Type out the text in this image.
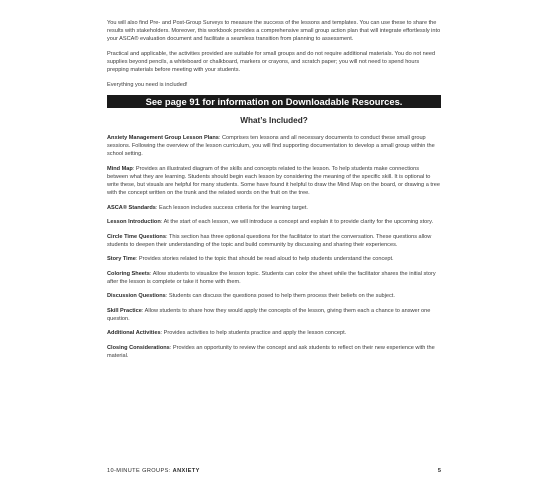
You will also find Pre- and Post-Group Surveys to measure the success of the lessons and templates. You can use these to share the results with stakeholders. Moreover, this workbook provides a comprehensive small group action plan that will integrate effortlessly into your ASCA® evaluation document and facilitate a seamless transition from planning to assessment.

Practical and applicable, the activities provided are suitable for small groups and do not require additional materials. You do not need supplies beyond pencils, a whiteboard or chalkboard, markers or crayons, and scratch paper; you will not need to spend hours prepping materials before meeting with your students.

Everything you need is included!

See page 91 for information on Downloadable Resources.
What’s Included?

Anxiety Management Group Lesson Plans: Comprises ten lessons and all necessary documents to conduct these small group sessions. Following the overview of the lesson curriculum, you will find supporting documentation to develop a small group within the school setting.

Mind Map: Provides an illustrated diagram of the skills and concepts related to the lesson. To help students make connections between what they are learning. Students should begin each lesson by considering the meaning of the specific skill. It is optional to write these, but visuals are helpful for many students. Some have found it helpful to draw the Mind Map on the board, or drawing a tree with the concept written on the trunk and the related words on the fruit on the tree.

ASCA® Standards: Each lesson includes success criteria for the learning target.

Lesson Introduction: At the start of each lesson, we will introduce a concept and explain it to provide clarity for the upcoming story.

Circle Time Questions: This section has three optional questions for the facilitator to start the conversation. These questions allow students to deepen their understanding of the topic and build community by discussing and sharing their experiences.

Story Time: Provides stories related to the topic that should be read aloud to help students understand the concept.

Coloring Sheets: Allow students to visualize the lesson topic. Students can color the sheet while the facilitator shares the initial story after the lesson is complete or take it home with them.

Discussion Questions: Students can discuss the questions posed to help them process their beliefs on the subject.

Skill Practice: Allow students to share how they would apply the concepts of the lesson, giving them each a chance to answer one question.

Additional Activities: Provides activities to help students practice and apply the lesson concept.

Closing Considerations: Provides an opportunity to review the concept and ask students to reflect on their new experience with the material.

10-MINUTE GROUPS: ANXIETY	5
